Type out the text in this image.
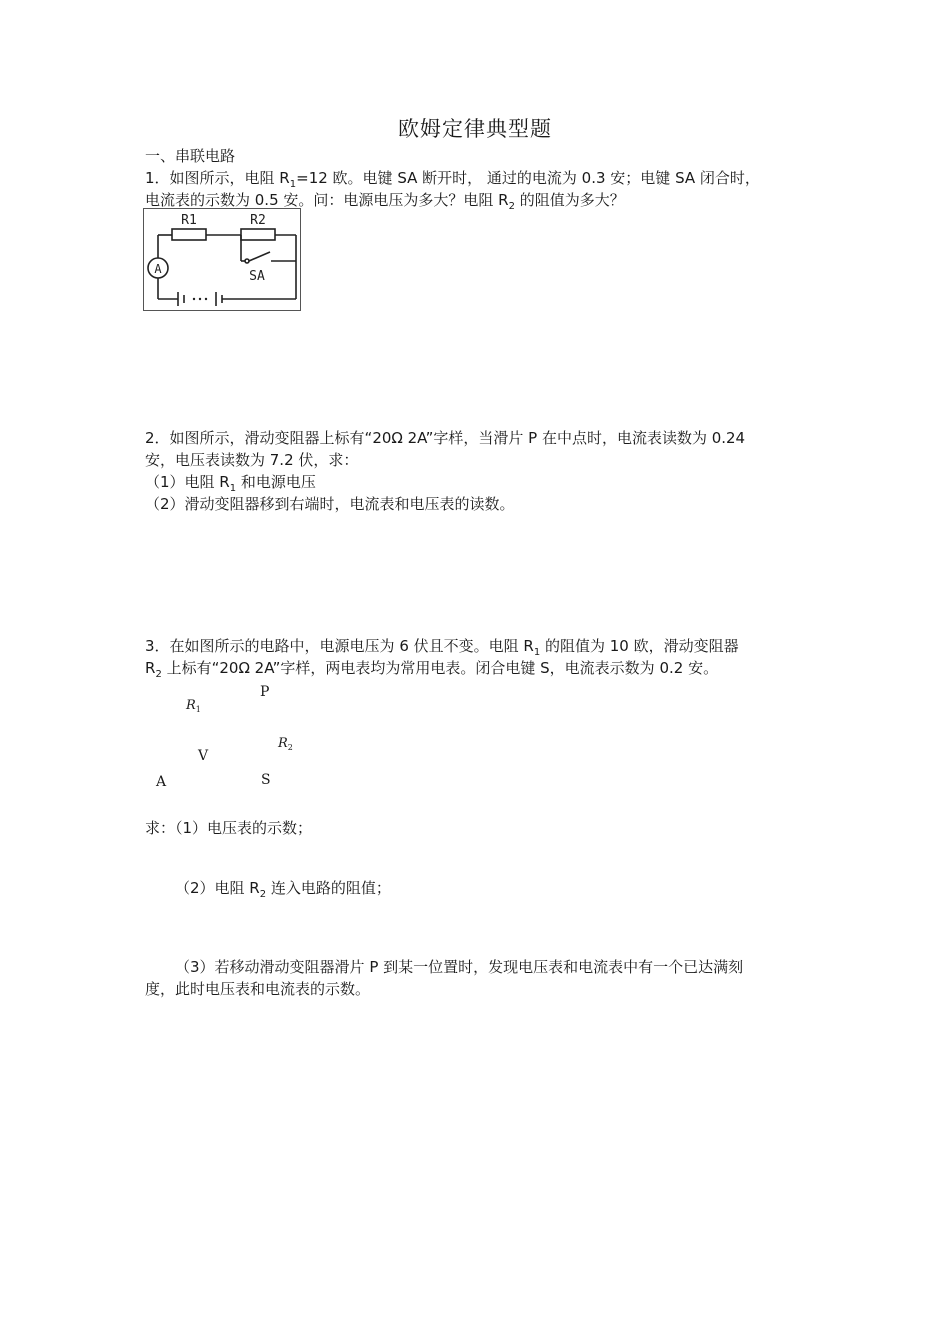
欧姆定律典型题
一、串联电路
1．如图所示，电阻 $R_1=12$ 欧。电键 SA 断开时， 通过的电流为 0.3 安；电键 SA 闭合时，
电流表的示数为 0.5 安。问：电源电压为多大？电阻 $R_2$ 的阻值为多大？
R1	R2
SA
A
2．如图所示，滑动变阻器上标有“20Ω 2A”字样，当滑片 P 在中点时，电流表读数为 0.24
安，电压表读数为 7.2 伏，求：
（1）电阻 $R_1$ 和电源电压
（2）滑动变阻器移到右端时，电流表和电压表的读数。
3．在如图所示的电路中，电源电压为 6 伏且不变。电阻 $R_1$ 的阻值为 10 欧，滑动变阻器
$R_2$ 上标有“20Ω 2A”字样，两电表均为常用电表。闭合电键 S，电流表示数为 0.2 安。
P
$R_1$
$R_2$
V
A	S
求：（1）电压表的示数；
（2）电阻 $R_2$ 连入电路的阻值；
（3）若移动滑动变阻器滑片 P 到某一位置时，发现电压表和电流表中有一个已达满刻
度，此时电压表和电流表的示数。
